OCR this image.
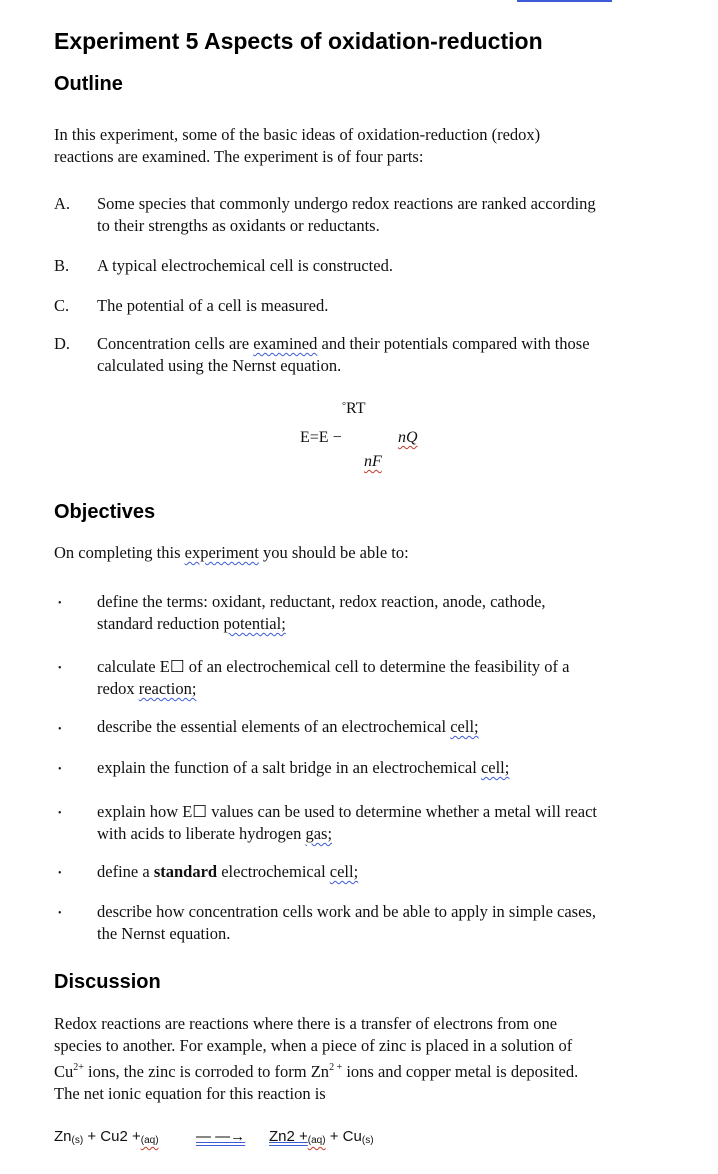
Experiment 5 Aspects of oxidation-reduction
Outline
In this experiment, some of the basic ideas of oxidation-reduction (redox)
reactions are examined. The experiment is of four parts:
A. Some species that commonly undergo redox reactions are ranked according
to their strengths as oxidants or reductants.
B. A typical electrochemical cell is constructed.
C. The potential of a cell is measured.
D. Concentration cells are examined and their potentials compared with those
calculated using the Nernst equation.
°RT
E=E −	nQ
nF
Objectives
On completing this experiment you should be able to:
• define the terms: oxidant, reductant, redox reaction, anode, cathode,
standard reduction potential;
• calculate E☐ of an electrochemical cell to determine the feasibility of a
redox reaction;
• describe the essential elements of an electrochemical cell;
• explain the function of a salt bridge in an electrochemical cell;
• explain how E☐ values can be used to determine whether a metal will react
with acids to liberate hydrogen gas;
• define a standard electrochemical cell;
• describe how concentration cells work and be able to apply in simple cases,
the Nernst equation.
Discussion
Redox reactions are reactions where there is a transfer of electrons from one
species to another. For example, when a piece of zinc is placed in a solution of
$Cu^{2+}$ ions, the zinc is corroded to form $Zn^{2 +}$ ions and copper metal is deposited.
The net ionic equation for this reaction is
$Zn_{(s)} + Cu2 +_{(aq)}$ — —→ $Zn2 +_{(aq)} + Cu_{(s)}$
